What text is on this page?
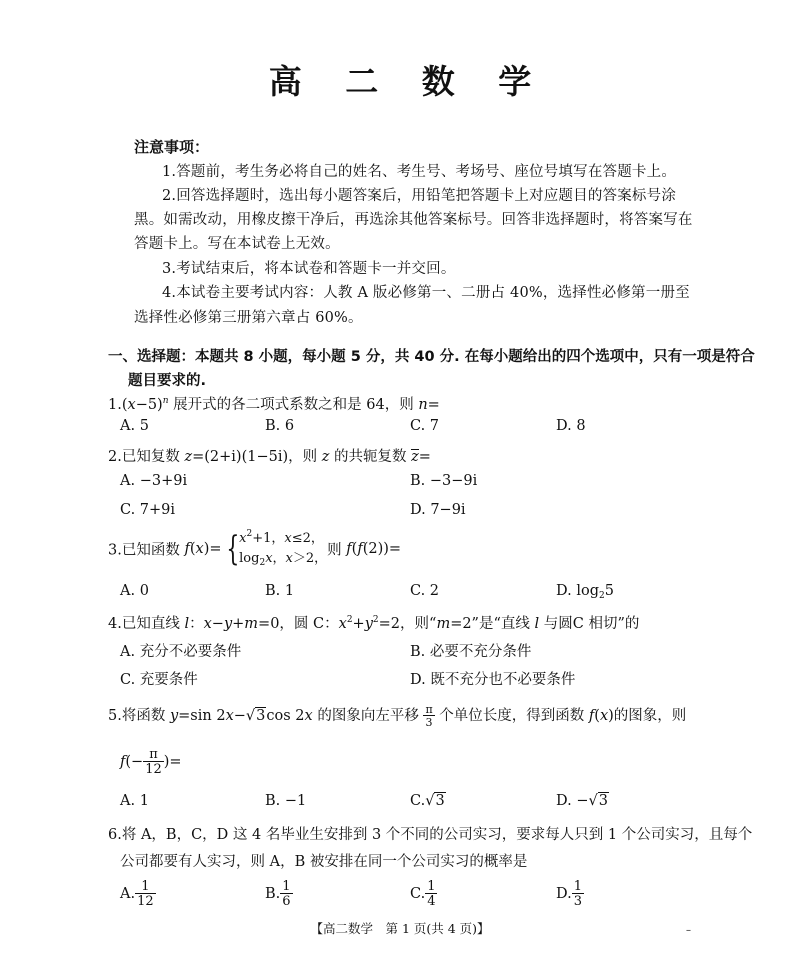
高 二 数 学
注意事项：
1.答题前，考生务必将自己的姓名、考生号、考场号、座位号填写在答题卡上。
2.回答选择题时，选出每小题答案后，用铅笔把答题卡上对应题目的答案标号涂
黑。如需改动，用橡皮擦干净后，再选涂其他答案标号。回答非选择题时，将答案写在
答题卡上。写在本试卷上无效。
3.考试结束后，将本试卷和答题卡一并交回。
4.本试卷主要考试内容：人教 A 版必修第一、二册占 40%，选择性必修第一册至
选择性必修第三册第六章占 60%。
一、选择题：本题共 8 小题，每小题 5 分，共 40 分. 在每小题给出的四个选项中，只有一项是符合
题目要求的.
$1.(x-5)^n$ 展开式的各二项式系数之和是 64，则 n=
A. 5	B. 6	C. 7	D. 8
2.已知复数 z=(2+i)(1−5i)，则 z 的共轭复数 z=
A. −3+9i	B. −3−9i
C. 7+9i	D. 7−9i
3.已知函数 f(x)= { $x^2+1$，x≤2，
$\log_2x$，x＞2， 则 f(f(2))=
A. 0	B. 1	C. 2	D. $\log_25$
4.已知直线 l：x−y+m=0，圆 C：$x^2+y^2=2$，则“m=2”是“直线 l 与圆C 相切”的
A. 充分不必要条件	B. 必要不充分条件
C. 充要条件	D. 既不充分也不必要条件
5.将函数 y=sin 2x−√3cos 2x 的图象向左平移 $\frac{\pi}{3}$ 个单位长度，得到函数 f(x)的图象，则
$f(- \frac{\pi}{12}$ )=
A. 1	B. −1	C.√3	D. −√3
6.将 A，B，C，D 这 4 名毕业生安排到 3 个不同的公司实习，要求每人只到 1 个公司实习，且每个
公司都要有人实习，则 A，B 被安排在同一个公司实习的概率是
A. $\frac{1}{12}$	B. $\frac{1}{6}$	C. $\frac{1}{4}$	D. $\frac{1}{3}$
【高二数学　第 1 页(共 4 页)】	–
